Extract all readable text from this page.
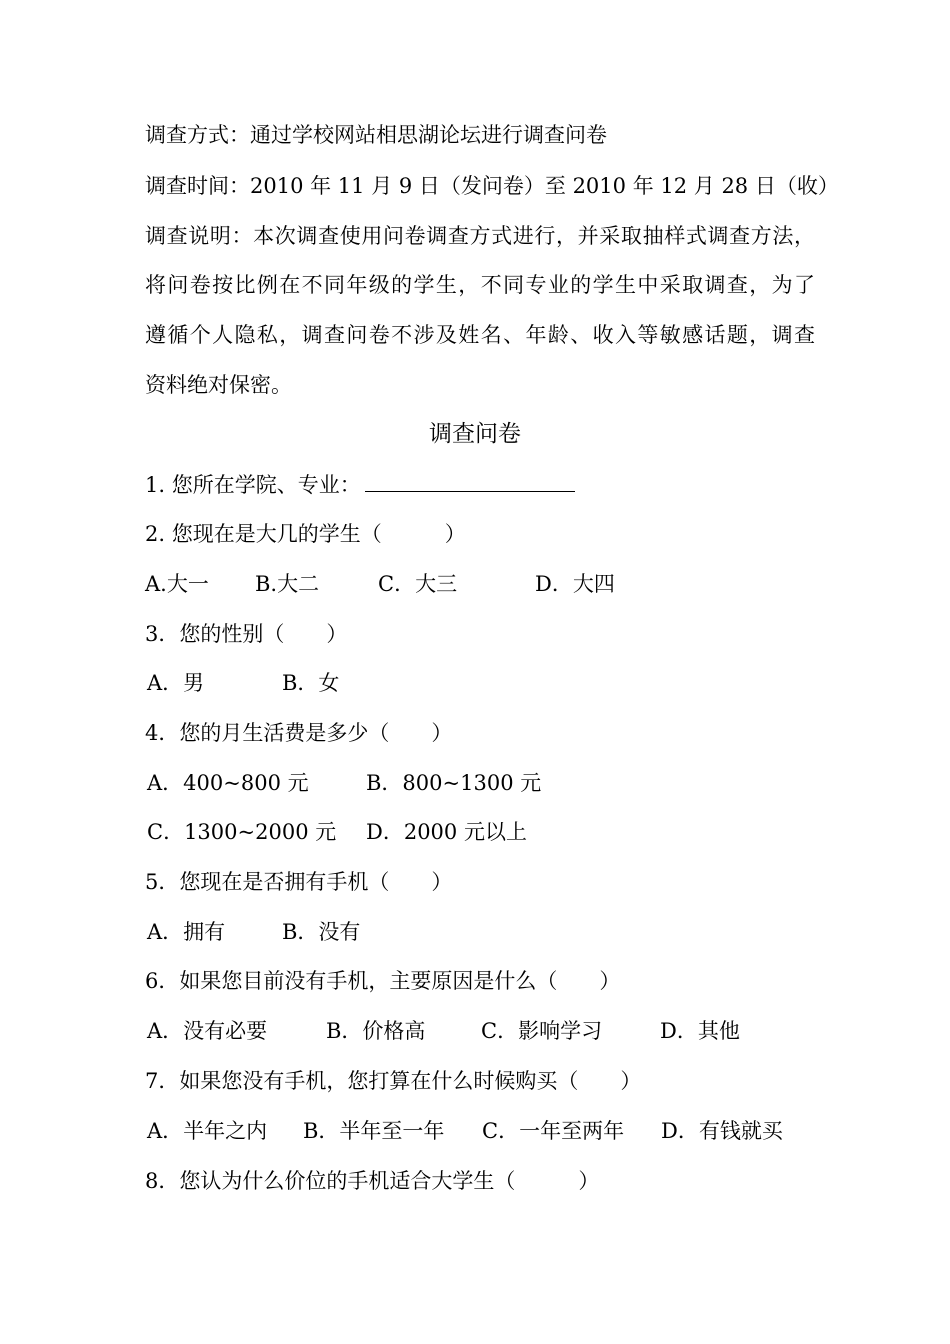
调查方式：通过学校网站相思湖论坛进行调查问卷
调查时间：2010 年 11 月 9 日（发问卷）至 2010 年 12 月 28 日（收）
调查说明：本次调查使用问卷调查方式进行，并采取抽样式调查方法，
将问卷按比例在不同年级的学生，不同专业的学生中采取调查，为了
遵循个人隐私，调查问卷不涉及姓名、年龄、收入等敏感话题，调查
资料绝对保密。
调查问卷
1. 您所在学院、专业：
2. 您现在是大几的学生（　　　）
A.大一 B.大二	C．大三	D．大四
3．您的性别（　　）
A．男	B．女
4．您的月生活费是多少（　　）
A．400~800 元	B．800~1300 元
C．1300~2000 元 D．2000 元以上
5．您现在是否拥有手机（　　）
A．拥有	B．没有
6．如果您目前没有手机，主要原因是什么（　　）
A．没有必要	B．价格高	C．影响学习	D．其他
7．如果您没有手机，您打算在什么时候购买（　　）
A．半年之内 B．半年至一年 C．一年至两年 D．有钱就买
8．您认为什么价位的手机适合大学生（　　　）
